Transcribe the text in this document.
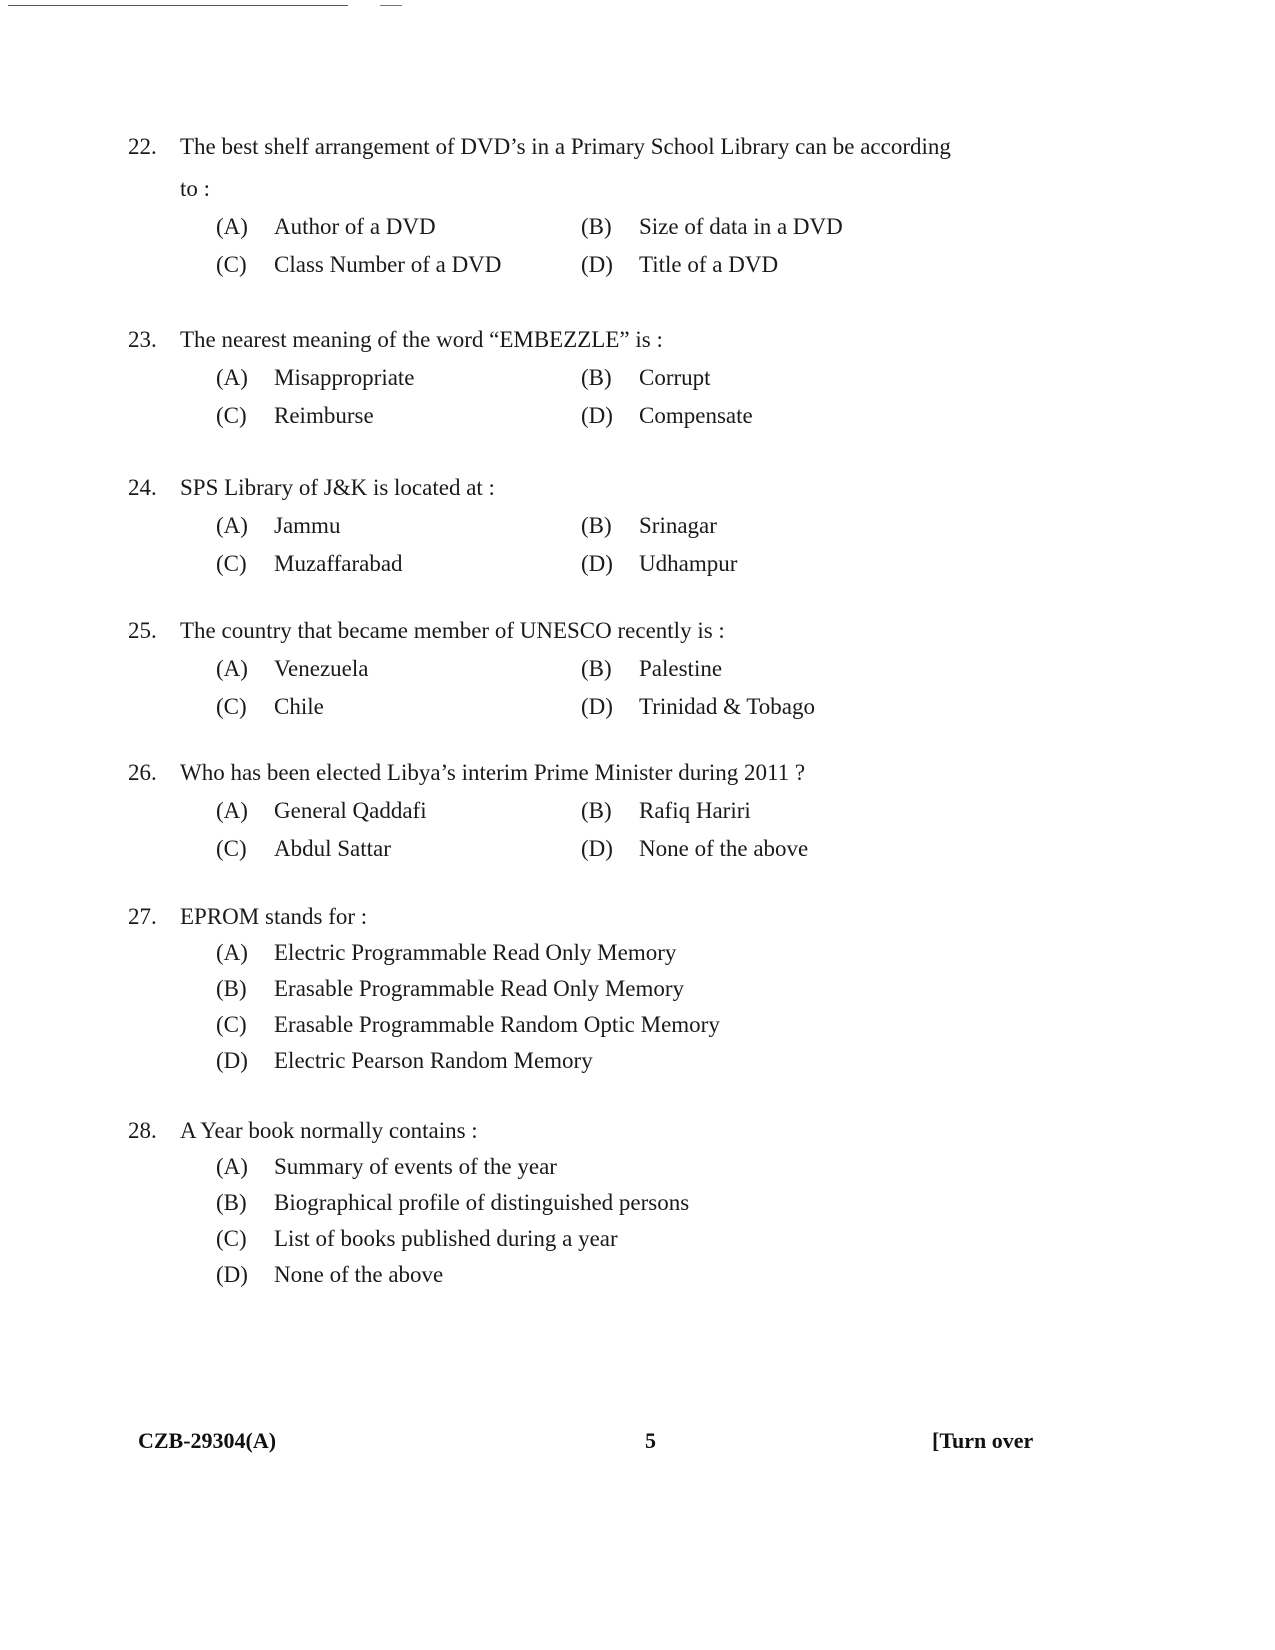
22. The best shelf arrangement of DVD’s in a Primary School Library can be according
to :
(A) Author of a DVD	(B) Size of data in a DVD
(C) Class Number of a DVD	(D) Title of a DVD
23. The nearest meaning of the word “EMBEZZLE” is :
(A) Misappropriate	(B) Corrupt
(C) Reimburse	(D) Compensate
24. SPS Library of J&K is located at :
(A) Jammu	(B) Srinagar
(C) Muzaffarabad	(D) Udhampur
25. The country that became member of UNESCO recently is :
(A) Venezuela	(B) Palestine
(C) Chile	(D) Trinidad & Tobago
26. Who has been elected Libya’s interim Prime Minister during 2011 ?
(A) General Qaddafi	(B) Rafiq Hariri
(C) Abdul Sattar	(D) None of the above
27. EPROM stands for :
(A) Electric Programmable Read Only Memory
(B) Erasable Programmable Read Only Memory
(C) Erasable Programmable Random Optic Memory
(D) Electric Pearson Random Memory
28. A Year book normally contains :
(A) Summary of events of the year
(B) Biographical profile of distinguished persons
(C) List of books published during a year
(D) None of the above
CZB-29304(A)	5	[Turn over
